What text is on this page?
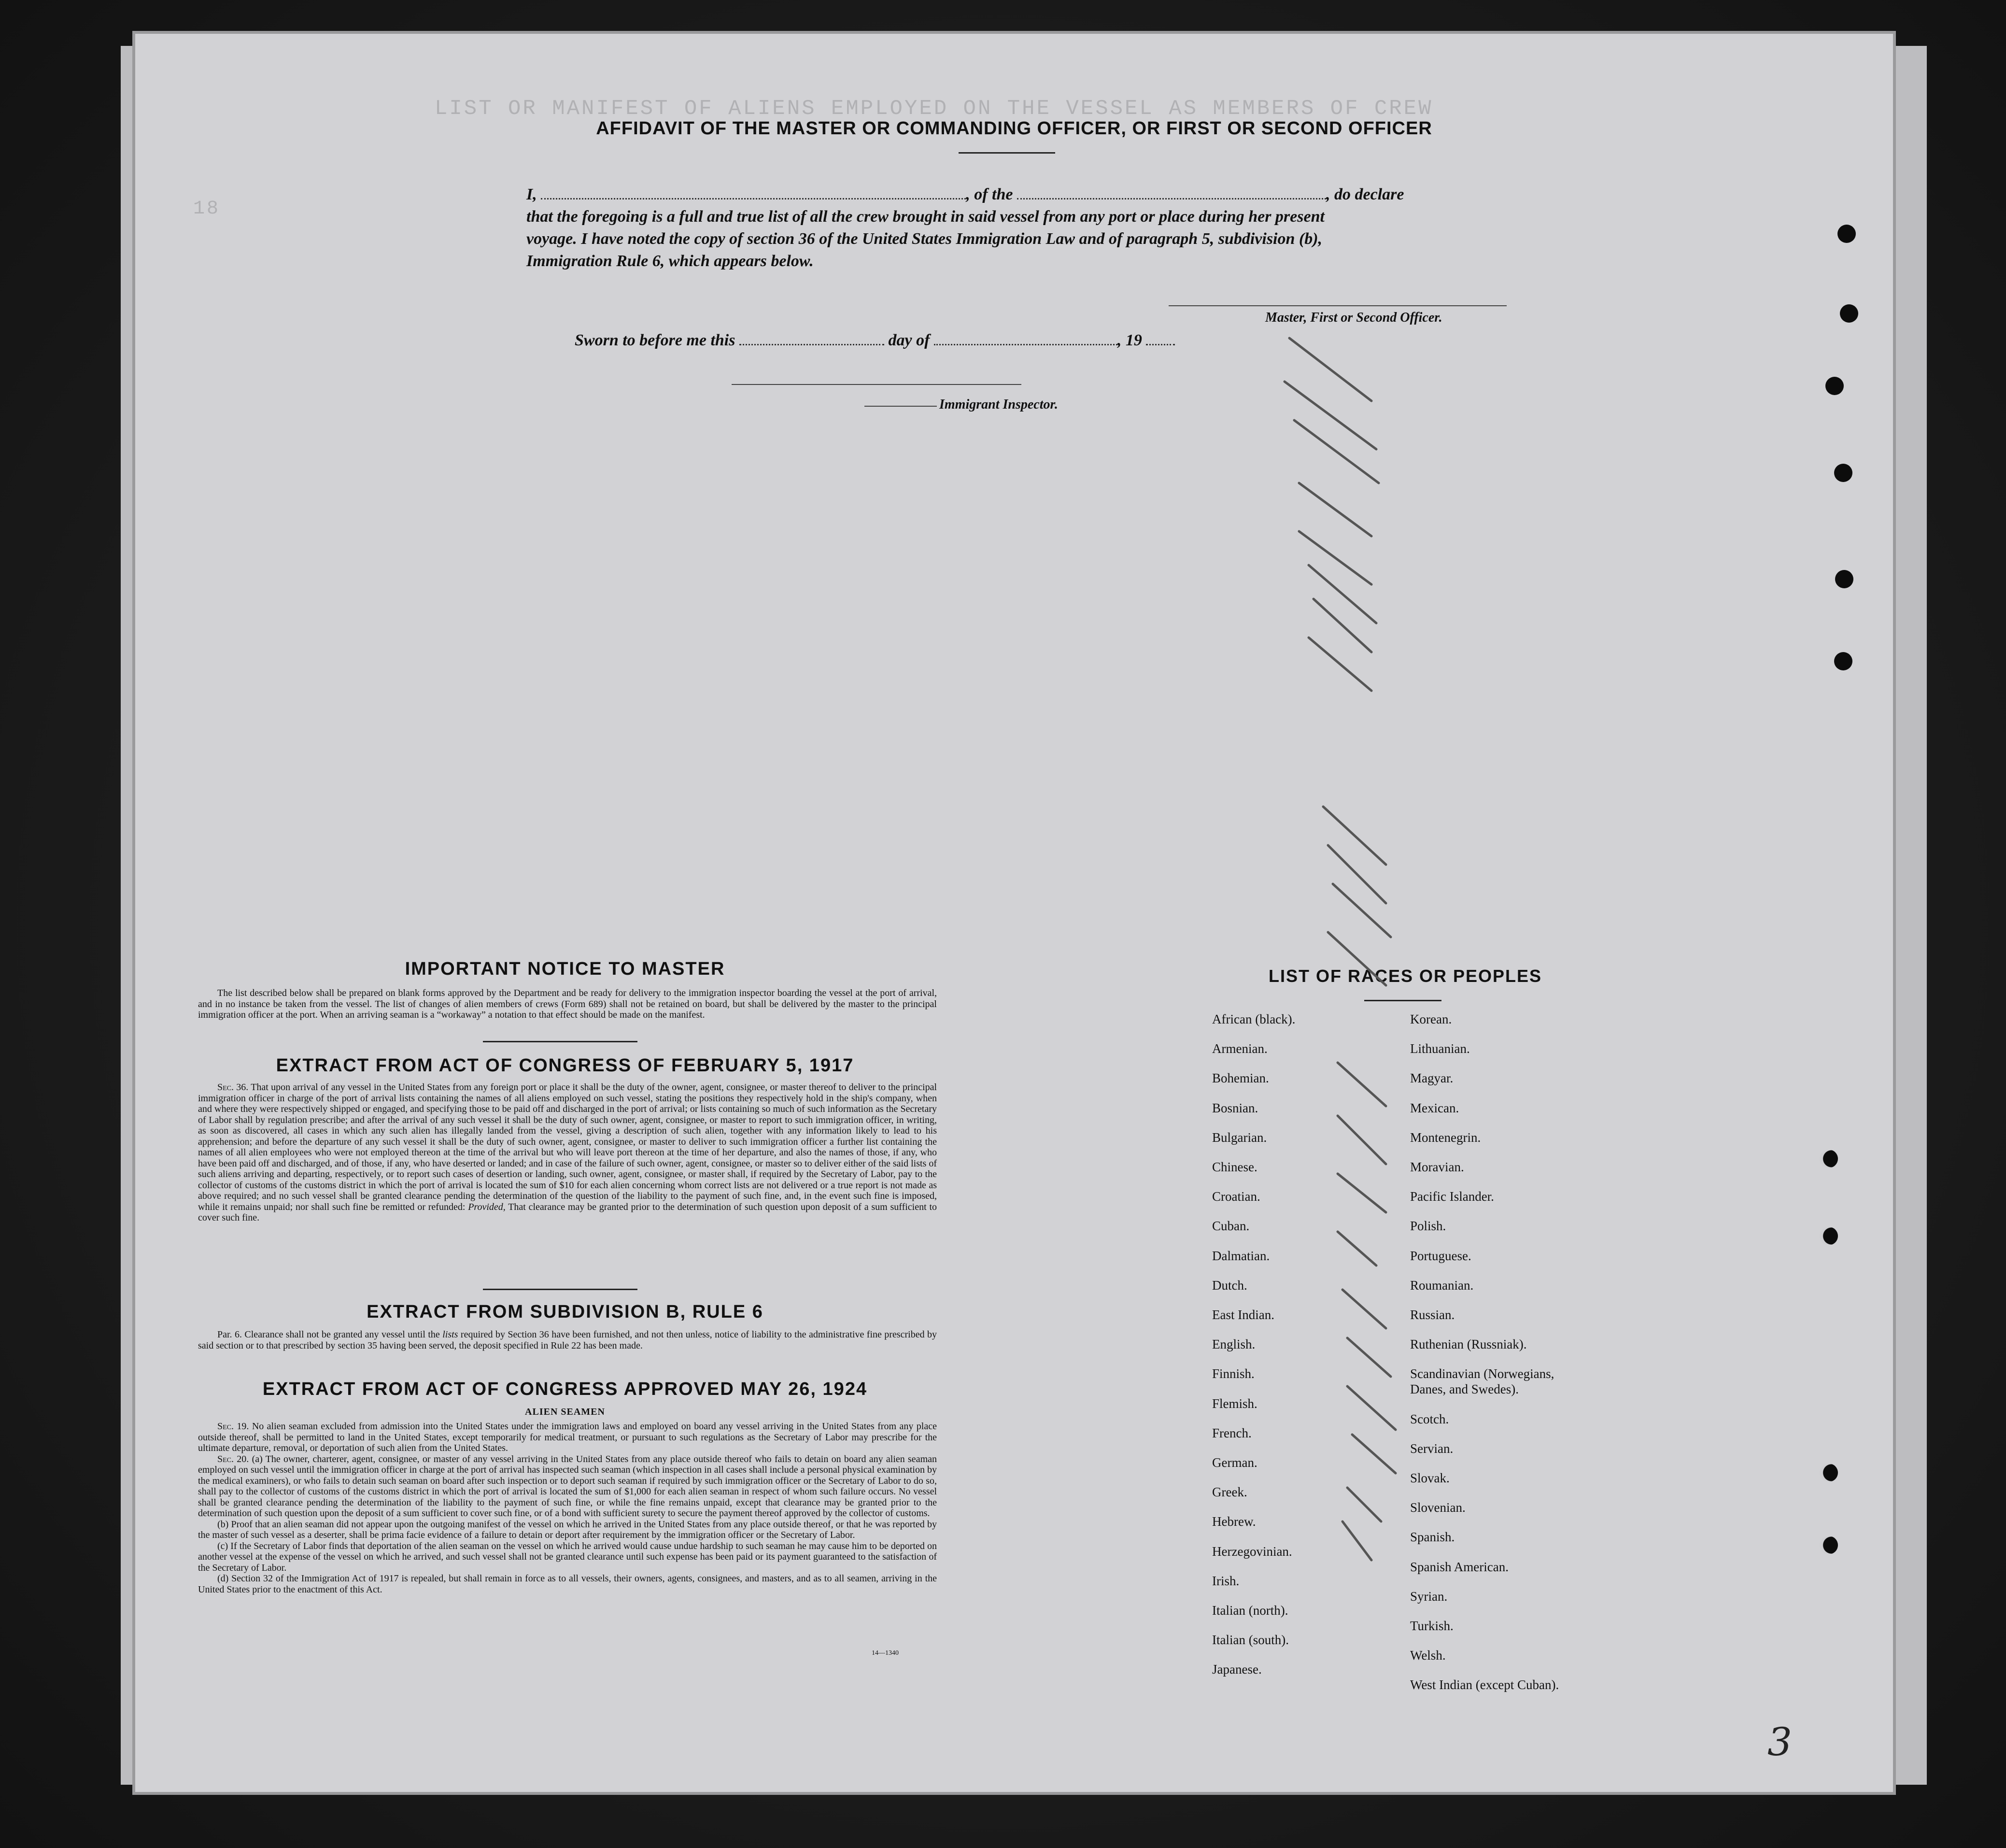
LIST OR MANIFEST OF ALIENS EMPLOYED ON THE VESSEL AS MEMBERS OF CREW
18
AFFIDAVIT OF THE MASTER OR COMMANDING OFFICER, OR FIRST OR SECOND OFFICER
I,	, of the	, do declare
that the foregoing is a full and true list of all the crew brought in said vessel from any port or place during her present
voyage. I have noted the copy of section 36 of the United States Immigration Law and of paragraph 5, subdivision (b),
Immigration Rule 6, which appears below.
Master, First or Second Officer.
Sworn to before me this	day of	, 19
Immigrant Inspector.
IMPORTANT NOTICE TO MASTER

The list described below shall be prepared on blank forms approved by the Department and be ready for delivery to the immigration inspector boarding the vessel at the port of arrival, and in no instance be taken from the vessel. The list of changes of alien members of crews (Form 689) shall not be retained on board, but shall be delivered by the master to the principal immigration officer at the port. When an arriving seaman is a “workaway” a notation to that effect should be made on the manifest.

EXTRACT FROM ACT OF CONGRESS OF FEBRUARY 5, 1917

Sec. 36. That upon arrival of any vessel in the United States from any foreign port or place it shall be the duty of the owner, agent, consignee, or master thereof to deliver to the principal immigration officer in charge of the port of arrival lists containing the names of all aliens employed on such vessel, stating the positions they respectively hold in the ship's company, when and where they were respectively shipped or engaged, and specifying those to be paid off and discharged in the port of arrival; or lists containing so much of such information as the Secretary of Labor shall by regulation prescribe; and after the arrival of any such vessel it shall be the duty of such owner, agent, consignee, or master to report to such immigration officer, in writing, as soon as discovered, all cases in which any such alien has illegally landed from the vessel, giving a description of such alien, together with any information likely to lead to his apprehension; and before the departure of any such vessel it shall be the duty of such owner, agent, consignee, or master to deliver to such immigration officer a further list containing the names of all alien employees who were not employed thereon at the time of the arrival but who will leave port thereon at the time of her departure, and also the names of those, if any, who have been paid off and discharged, and of those, if any, who have deserted or landed; and in case of the failure of such owner, agent, consignee, or master so to deliver either of the said lists of such aliens arriving and departing, respectively, or to report such cases of desertion or landing, such owner, agent, consignee, or master shall, if required by the Secretary of Labor, pay to the collector of customs of the customs district in which the port of arrival is located the sum of $10 for each alien concerning whom correct lists are not delivered or a true report is not made as above required; and no such vessel shall be granted clearance pending the determination of the question of the liability to the payment of such fine, and, in the event such fine is imposed, while it remains unpaid; nor shall such fine be remitted or refunded: Provided, That clearance may be granted prior to the determination of such question upon deposit of a sum sufficient to cover such fine.

EXTRACT FROM SUBDIVISION B, RULE 6

Par. 6. Clearance shall not be granted any vessel until the lists required by Section 36 have been furnished, and not then unless, notice of liability to the administrative fine prescribed by said section or to that prescribed by section 35 having been served, the deposit specified in Rule 22 has been made.

EXTRACT FROM ACT OF CONGRESS APPROVED MAY 26, 1924
ALIEN SEAMEN

Sec. 19. No alien seaman excluded from admission into the United States under the immigration laws and employed on board any vessel arriving in the United States from any place outside thereof, shall be permitted to land in the United States, except temporarily for medical treatment, or pursuant to such regulations as the Secretary of Labor may prescribe for the ultimate departure, removal, or deportation of such alien from the United States.

Sec. 20. (a) The owner, charterer, agent, consignee, or master of any vessel arriving in the United States from any place outside thereof who fails to detain on board any alien seaman employed on such vessel until the immigration officer in charge at the port of arrival has inspected such seaman (which inspection in all cases shall include a personal physical examination by the medical examiners), or who fails to detain such seaman on board after such inspection or to deport such seaman if required by such immigration officer or the Secretary of Labor to do so, shall pay to the collector of customs of the customs district in which the port of arrival is located the sum of $1,000 for each alien seaman in respect of whom such failure occurs. No vessel shall be granted clearance pending the determination of the liability to the payment of such fine, or while the fine remains unpaid, except that clearance may be granted prior to the determination of such question upon the deposit of a sum sufficient to cover such fine, or of a bond with sufficient surety to secure the payment thereof approved by the collector of customs.

(b) Proof that an alien seaman did not appear upon the outgoing manifest of the vessel on which he arrived in the United States from any place outside thereof, or that he was reported by the master of such vessel as a deserter, shall be prima facie evidence of a failure to detain or deport after requirement by the immigration officer or the Secretary of Labor.

(c) If the Secretary of Labor finds that deportation of the alien seaman on the vessel on which he arrived would cause undue hardship to such seaman he may cause him to be deported on another vessel at the expense of the vessel on which he arrived, and such vessel shall not be granted clearance until such expense has been paid or its payment guaranteed to the satisfaction of the Secretary of Labor.

(d) Section 32 of the Immigration Act of 1917 is repealed, but shall remain in force as to all vessels, their owners, agents, consignees, and masters, and as to all seamen, arriving in the United States prior to the enactment of this Act.

14—1340
LIST OF RACES OR PEOPLES
African (black).
Armenian.
Bohemian.
Bosnian.
Bulgarian.
Chinese.
Croatian.
Cuban.
Dalmatian.
Dutch.
East Indian.
English.
Finnish.
Flemish.
French.
German.
Greek.
Hebrew.
Herzegovinian.
Irish.
Italian (north).
Italian (south).
Japanese.
Korean.
Lithuanian.
Magyar.
Mexican.
Montenegrin.
Moravian.
Pacific Islander.
Polish.
Portuguese.
Roumanian.
Russian.
Ruthenian (Russniak).
Scandinavian (Norwegians,
Danes, and Swedes).
Scotch.
Servian.
Slovak.
Slovenian.
Spanish.
Spanish American.
Syrian.
Turkish.
Welsh.
West Indian (except Cuban).
3
